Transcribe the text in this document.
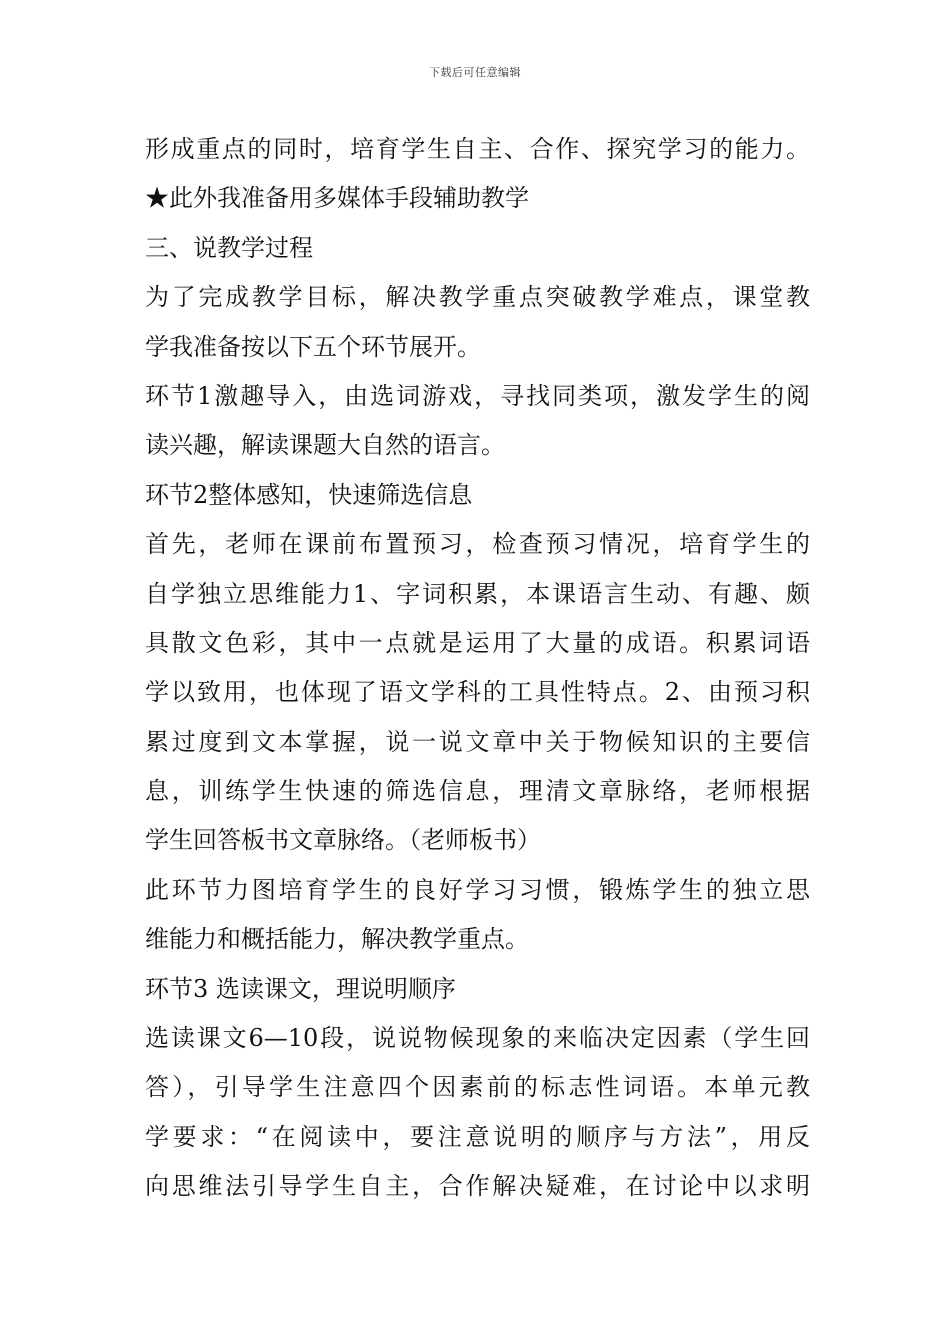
下载后可任意编辑
形成重点的同时，培育学生自主、合作、探究学习的能力。
★此外我准备用多媒体手段辅助教学
三、说教学过程
为了完成教学目标，解决教学重点突破教学难点，课堂教
学我准备按以下五个环节展开。
环节1激趣导入，由选词游戏，寻找同类项，激发学生的阅
读兴趣，解读课题大自然的语言。
环节2整体感知，快速筛选信息
首先，老师在课前布置预习，检查预习情况，培育学生的
自学独立思维能力1、字词积累，本课语言生动、有趣、颇
具散文色彩，其中一点就是运用了大量的成语。积累词语
学以致用，也体现了语文学科的工具性特点。2、由预习积
累过度到文本掌握，说一说文章中关于物候知识的主要信
息，训练学生快速的筛选信息，理清文章脉络，老师根据
学生回答板书文章脉络。（老师板书）
此环节力图培育学生的良好学习习惯，锻炼学生的独立思
维能力和概括能力，解决教学重点。
环节3 选读课文，理说明顺序
选读课文6—10段，说说物候现象的来临决定因素（学生回
答），引导学生注意四个因素前的标志性词语。本单元教
学要求：“在阅读中，要注意说明的顺序与方法”，用反
向思维法引导学生自主，合作解决疑难，在讨论中以求明
